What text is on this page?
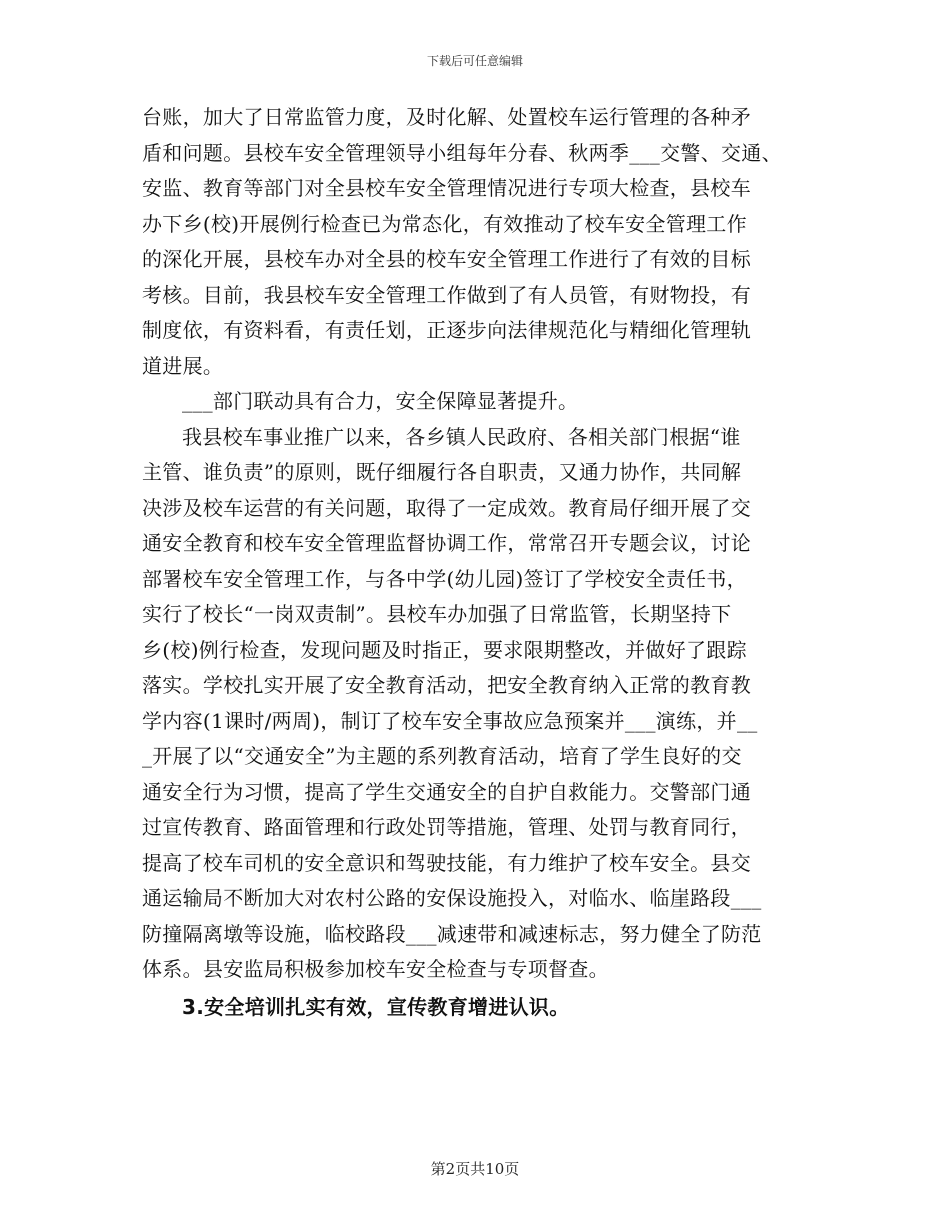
下载后可任意编辑
台账，加大了日常监管力度，及时化解、处置校车运行管理的各种矛
盾和问题。县校车安全管理领导小组每年分春、秋两季___交警、交通、
安监、教育等部门对全县校车安全管理情况进行专项大检查，县校车
办下乡(校)开展例行检查已为常态化，有效推动了校车安全管理工作
的深化开展，县校车办对全县的校车安全管理工作进行了有效的目标
考核。目前，我县校车安全管理工作做到了有人员管，有财物投，有
制度依，有资料看，有责任划，正逐步向法律规范化与精细化管理轨
道进展。
___部门联动具有合力，安全保障显著提升。
我县校车事业推广以来，各乡镇人民政府、各相关部门根据“谁
主管、谁负责”的原则，既仔细履行各自职责，又通力协作，共同解
决涉及校车运营的有关问题，取得了一定成效。教育局仔细开展了交
通安全教育和校车安全管理监督协调工作，常常召开专题会议，讨论
部署校车安全管理工作，与各中学(幼儿园)签订了学校安全责任书，
实行了校长“一岗双责制”。县校车办加强了日常监管，长期坚持下
乡(校)例行检查，发现问题及时指正，要求限期整改，并做好了跟踪
落实。学校扎实开展了安全教育活动，把安全教育纳入正常的教育教
学内容(1课时/两周)，制订了校车安全事故应急预案并___演练，并__
_开展了以“交通安全”为主题的系列教育活动，培育了学生良好的交
通安全行为习惯，提高了学生交通安全的自护自救能力。交警部门通
过宣传教育、路面管理和行政处罚等措施，管理、处罚与教育同行，
提高了校车司机的安全意识和驾驶技能，有力维护了校车安全。县交
通运输局不断加大对农村公路的安保设施投入，对临水、临崖路段___
防撞隔离墩等设施，临校路段___减速带和减速标志，努力健全了防范
体系。县安监局积极参加校车安全检查与专项督查。
3.安全培训扎实有效，宣传教育增进认识。
第2页共10页
